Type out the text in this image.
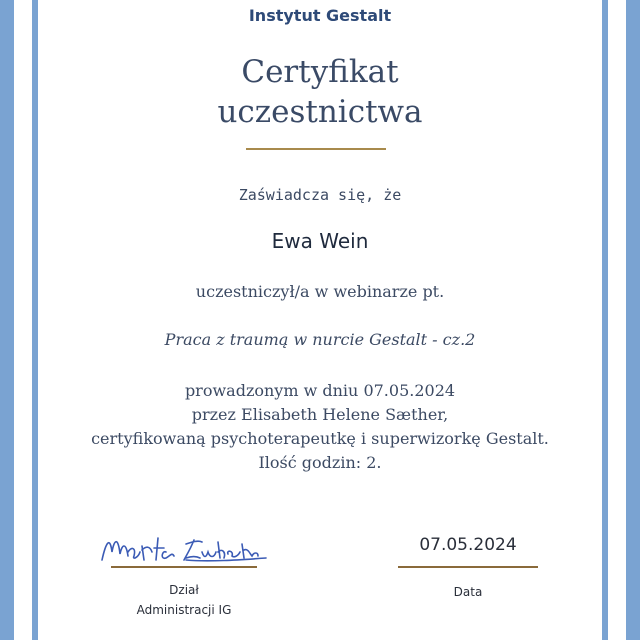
Instytut Gestalt
Certyfikat
uczestnictwa
Zaświadcza się, że
Ewa Wein
uczestniczył/a w webinarze pt.
Praca z traumą w nurcie Gestalt - cz.2
prowadzonym w dniu 07.05.2024
przez Elisabeth Helene Sæther,
certyfikowaną psychoterapeutkę i superwizorkę Gestalt.
Ilość godzin: 2.
Dział
Administracji IG
07.05.2024
Data
